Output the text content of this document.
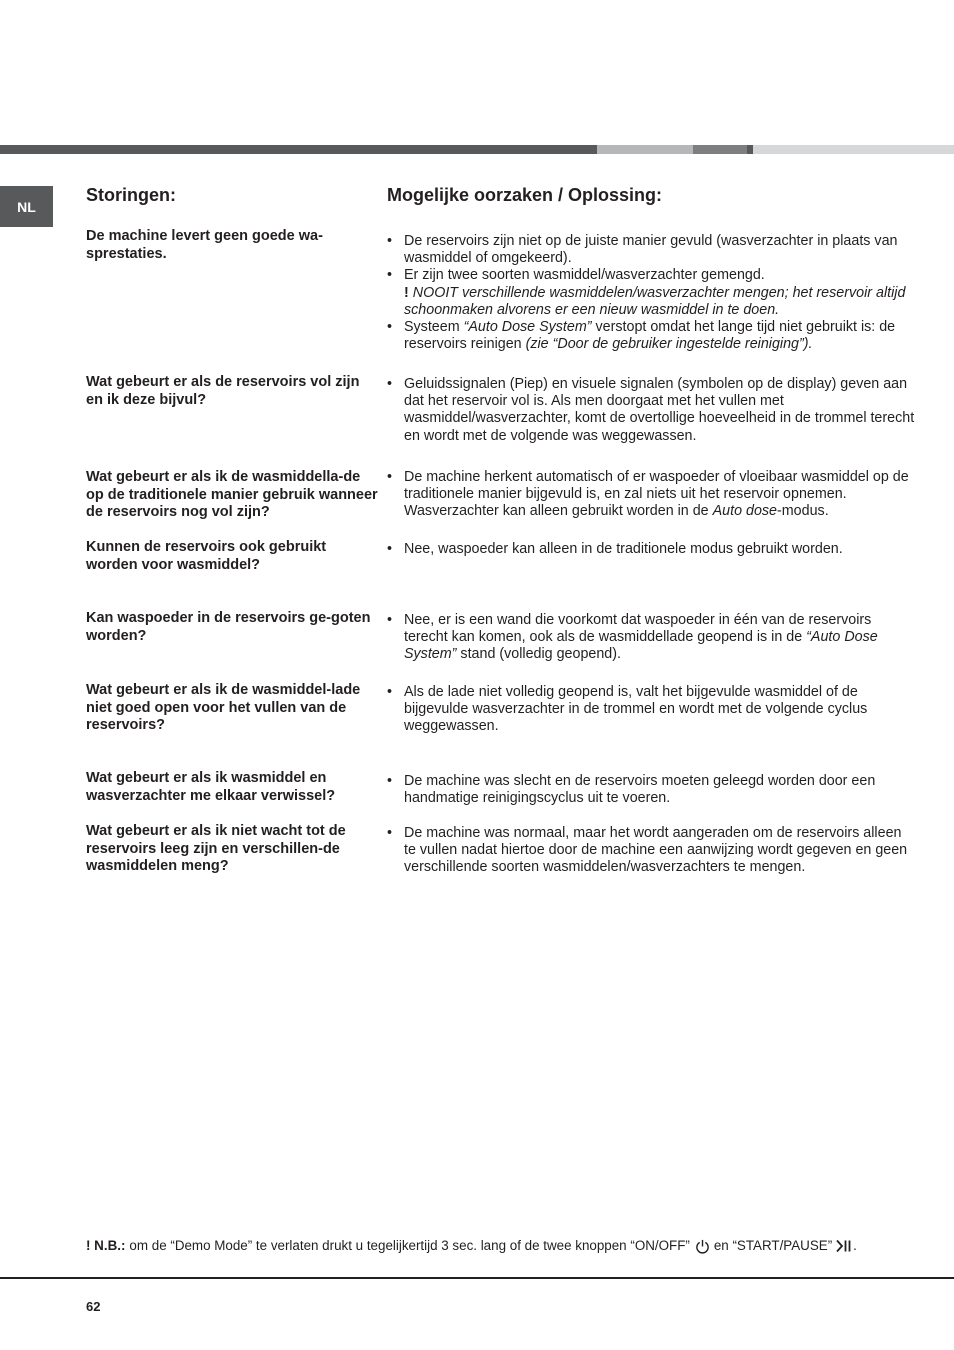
NL
Storingen:	Mogelijke oorzaken / Oplossing:

De machine levert geen goede wa-sprestaties.

• De reservoirs zijn niet op de juiste manier gevuld (wasverzachter in plaats van wasmiddel of omgekeerd).
• Er zijn twee soorten wasmiddel/wasverzachter gemengd.
! NOOIT verschillende wasmiddelen/wasverzachter mengen; het reservoir altijd schoonmaken alvorens er een nieuw wasmiddel in te doen.
• Systeem “Auto Dose System” verstopt omdat het lange tijd niet gebruikt is: de reservoirs reinigen (zie “Door de gebruiker ingestelde reiniging”).

Wat gebeurt er als de reservoirs vol zijn en ik deze bijvul?

• Geluidssignalen (Piep) en visuele signalen (symbolen op de display) geven aan dat het reservoir vol is. Als men doorgaat met het vullen met wasmiddel/wasverzachter, komt de overtollige hoeveelheid in de trommel terecht en wordt met de volgende was weggewassen.

Wat gebeurt er als ik de wasmiddella-de op de traditionele manier gebruik wanneer de reservoirs nog vol zijn?

• De machine herkent automatisch of er waspoeder of vloeibaar wasmiddel op de traditionele manier bijgevuld is, en zal niets uit het reservoir opnemen. Wasverzachter kan alleen gebruikt worden in de Auto dose-modus.

Kunnen de reservoirs ook gebruikt worden voor wasmiddel?

• Nee, waspoeder kan alleen in de traditionele modus gebruikt worden.

Kan waspoeder in de reservoirs ge-goten worden?

• Nee, er is een wand die voorkomt dat waspoeder in één van de reservoirs terecht kan komen, ook als de wasmiddellade geopend is in de “Auto Dose System” stand (volledig geopend).

Wat gebeurt er als ik de wasmiddel-lade niet goed open voor het vullen van de reservoirs?

• Als de lade niet volledig geopend is, valt het bijgevulde wasmiddel of de bijgevulde wasverzachter in de trommel en wordt met de volgende cyclus weggewassen.

Wat gebeurt er als ik wasmiddel en wasverzachter me elkaar verwissel?

• De machine was slecht en de reservoirs moeten geleegd worden door een handmatige reinigingscyclus uit te voeren.

Wat gebeurt er als ik niet wacht tot de reservoirs leeg zijn en verschillen-de wasmiddelen meng?

• De machine was normaal, maar het wordt aangeraden om de reservoirs alleen te vullen nadat hiertoe door de machine een aanwijzing wordt gegeven en geen verschillende soorten wasmiddelen/wasverzachters te mengen.

! N.B.: om de “Demo Mode” te verlaten drukt u tegelijkertijd 3 sec. lang of de twee knoppen “ON/OFF” en “START/PAUSE” .

62
